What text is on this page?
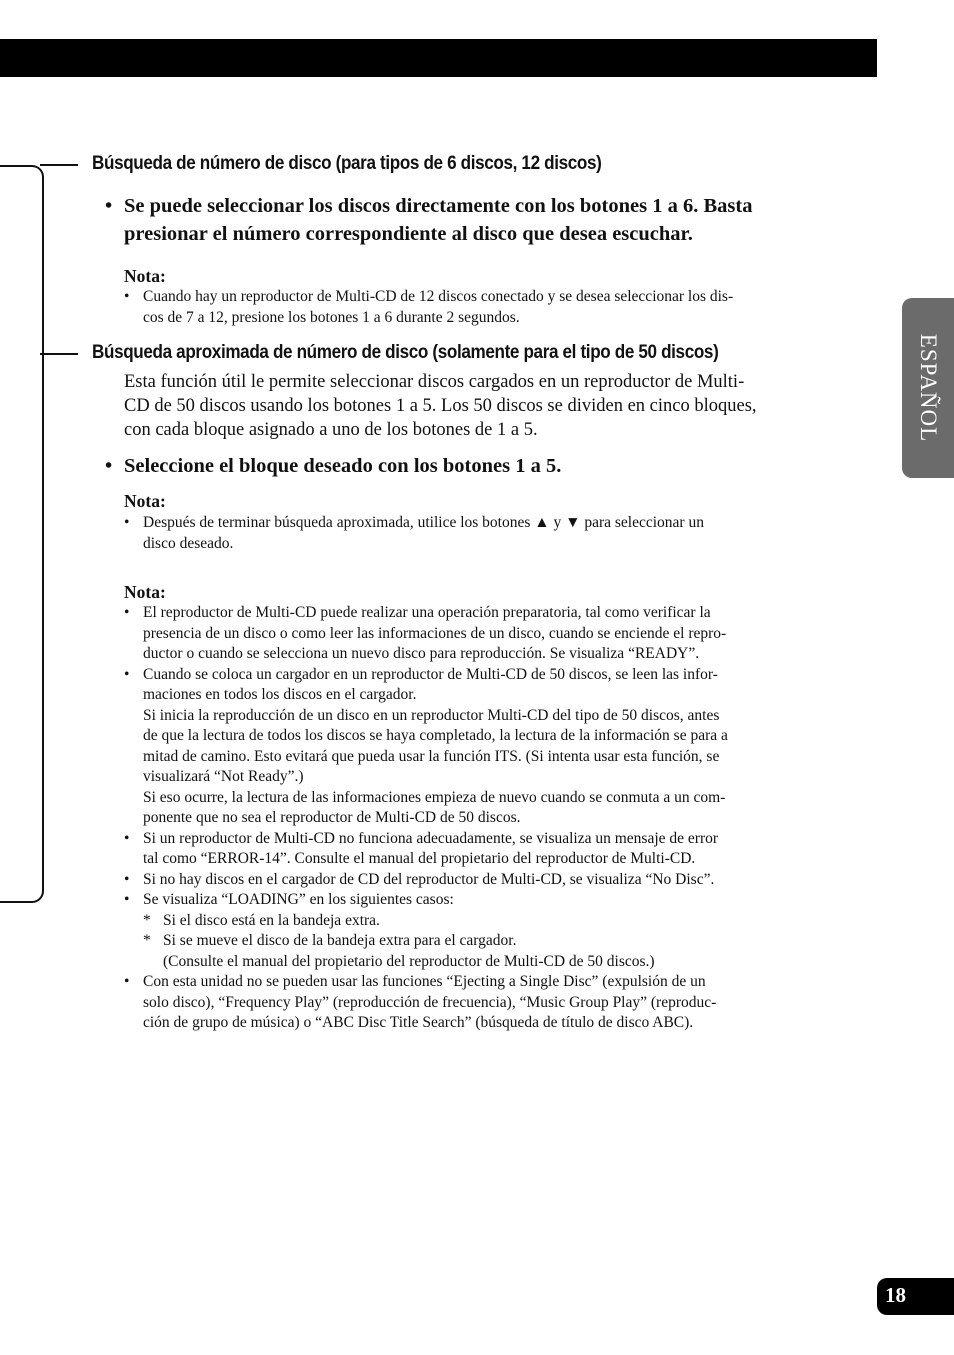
ESPAÑOL
Búsqueda de número de disco (para tipos de 6 discos, 12 discos)
• Se puede seleccionar los discos directamente con los botones 1 a 6. Basta
presionar el número correspondiente al disco que desea escuchar.
Nota:
• Cuando hay un reproductor de Multi-CD de 12 discos conectado y se desea seleccionar los dis-
cos de 7 a 12, presione los botones 1 a 6 durante 2 segundos.
Búsqueda aproximada de número de disco (solamente para el tipo de 50 discos)
Esta función útil le permite seleccionar discos cargados en un reproductor de Multi-
CD de 50 discos usando los botones 1 a 5. Los 50 discos se dividen en cinco bloques,
con cada bloque asignado a uno de los botones de 1 a 5.
• Seleccione el bloque deseado con los botones 1 a 5.
Nota:
• Después de terminar búsqueda aproximada, utilice los botones ▲ y ▼ para seleccionar un
disco deseado.
Nota:
• El reproductor de Multi-CD puede realizar una operación preparatoria, tal como verificar la
presencia de un disco o como leer las informaciones de un disco, cuando se enciende el repro-
ductor o cuando se selecciona un nuevo disco para reproducción. Se visualiza “READY”.
• Cuando se coloca un cargador en un reproductor de Multi-CD de 50 discos, se leen las infor-
maciones en todos los discos en el cargador.
Si inicia la reproducción de un disco en un reproductor Multi-CD del tipo de 50 discos, antes
de que la lectura de todos los discos se haya completado, la lectura de la información se para a
mitad de camino. Esto evitará que pueda usar la función ITS. (Si intenta usar esta función, se
visualizará “Not Ready”.)
Si eso ocurre, la lectura de las informaciones empieza de nuevo cuando se conmuta a un com-
ponente que no sea el reproductor de Multi-CD de 50 discos.
• Si un reproductor de Multi-CD no funciona adecuadamente, se visualiza un mensaje de error
tal como “ERROR-14”. Consulte el manual del propietario del reproductor de Multi-CD.
• Si no hay discos en el cargador de CD del reproductor de Multi-CD, se visualiza “No Disc”.
• Se visualiza “LOADING” en los siguientes casos:
* Si el disco está en la bandeja extra.
* Si se mueve el disco de la bandeja extra para el cargador.
(Consulte el manual del propietario del reproductor de Multi-CD de 50 discos.)
• Con esta unidad no se pueden usar las funciones “Ejecting a Single Disc” (expulsión de un
solo disco), “Frequency Play” (reproducción de frecuencia), “Music Group Play” (reproduc-
ción de grupo de música) o “ABC Disc Title Search” (búsqueda de título de disco ABC).
18
